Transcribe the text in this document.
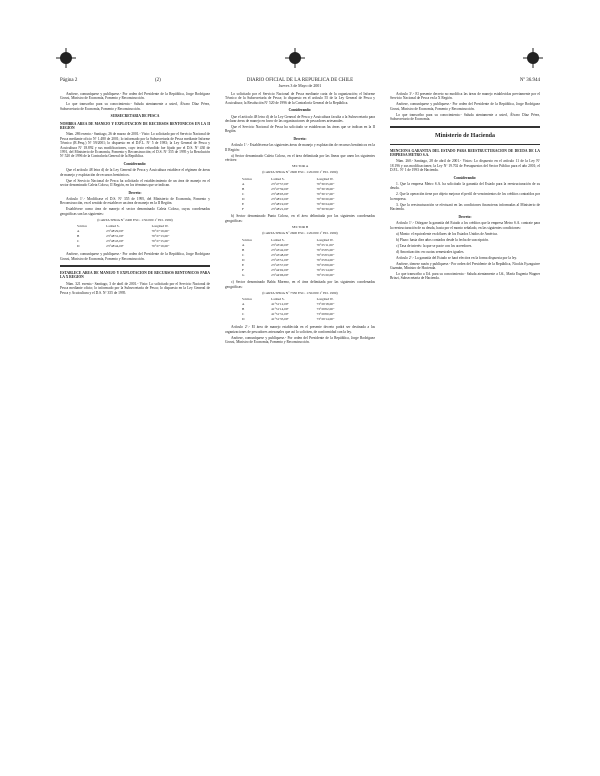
Página 2	(2)	DIARIO OFICIAL DE LA REPUBLICA DE CHILE
Jueves 3 de Mayo de 2001
Nº 36.944

Anótese, comuníquese y publíquese.- Por orden del Presidente de la República, Jorge Rodríguez Grossi, Ministro de Economía, Fomento y Reconstrucción.

Lo que transcribo para su conocimiento.- Saluda atentamente a usted, Álvaro Díaz Pérez, Subsecretario de Economía, Fomento y Reconstrucción.

SUBSECRETARIA DE PESCA

NOMBRA AREA DE MANEJO Y EXPLOTACION DE RECURSOS BENTONICOS EN LA II REGION

Núm. 286 exento.- Santiago, 26 de marzo de 2001.- Visto: Lo solicitado por el Servicio Nacional de Pesca mediante oficio Nº 1.480 de 2001; lo informado por la Subsecretaría de Pesca mediante Informe Técnico (R.Pesq.) Nº 59/2001; lo dispuesto en el D.F.L. Nº 5 de 1983; la Ley General de Pesca y Acuicultura Nº 18.892 y sus modificaciones, cuyo texto refundido fue fijado por el D.S. Nº 430 de 1991, del Ministerio de Economía, Fomento y Reconstrucción; el D.S. Nº 355 de 1995 y la Resolución Nº 520 de 1996 de la Contraloría General de la República.

Considerando:

Que el artículo 48 letra d) de la Ley General de Pesca y Acuicultura establece el régimen de áreas de manejo y explotación de recursos bentónicos.

Que el Servicio Nacional de Pesca ha solicitado el establecimiento de un área de manejo en el sector denominado Caleta Coloso, II Región, en los términos que se indican.

Decreto:

Artículo 1º.- Modifícase el D.S. Nº 355 de 1995, del Ministerio de Economía, Fomento y Reconstrucción, en el sentido de establecer un área de manejo en la II Región.

Establécese como área de manejo el sector denominado Caleta Coloso, cuyas coordenadas geográficas son las siguientes:

(CARTA SHOA Nº 2400 ESC. 1:50.000 1º ED. 1999)

Vértice	Latitud S.	Longitud W.
A	23°48'29,00"	70°27'19,00"
B	23°48'31,00"	70°27'13,00"
C	23°48'43,00"	70°27'15,00"
D	23°48'44,00"	70°27'19,00"

Anótese, comuníquese y publíquese.- Por orden del Presidente de la República, Jorge Rodríguez Grossi, Ministro de Economía, Fomento y Reconstrucción.

ESTABLECE AREA DE MANEJO Y EXPLOTACION DE RECURSOS BENTONICOS PARA LA X REGION

Núm. 321 exento.- Santiago, 3 de abril de 2001.- Visto: Lo solicitado por el Servicio Nacional de Pesca mediante oficio; lo informado por la Subsecretaría de Pesca; lo dispuesto en la Ley General de Pesca y Acuicultura y el D.S. Nº 355 de 1995.

Lo solicitado por el Servicio Nacional de Pesca mediante carta de la organización; el Informe Técnico de la Subsecretaría de Pesca; lo dispuesto en el artículo 55 de la Ley General de Pesca y Acuicultura; la Resolución Nº 520 de 1996 de la Contraloría General de la República.

Considerando:

Que el artículo 48 letra d) de la Ley General de Pesca y Acuicultura faculta a la Subsecretaría para declarar áreas de manejo en favor de las organizaciones de pescadores artesanales.

Que el Servicio Nacional de Pesca ha solicitado se establezcan las áreas que se indican en la II Región.

Decreto:

Artículo 1º.- Establécense las siguientes áreas de manejo y explotación de recursos bentónicos en la II Región:

a) Sector denominado Caleta Coloso, en el área delimitada por las líneas que unen los siguientes vértices:

SECTOR A

(CARTA SHOA Nº 2600 ESC. 1:20.000 1º ED. 1999)

Vértice	Latitud S.	Longitud W.
A	23°47'57,00"	70°30'25,00"
B	23°47'59,00"	70°30'18,00"
C	23°48'03,00"	70°30'17,00"
D	23°48'10,00"	70°30'20,00"
E	23°48'19,00"	70°30'24,00"
F	23°48'21,00"	70°30'30,00"

b) Sector denominado Punta Coloso, en el área delimitada por las siguientes coordenadas geográficas:

SECTOR B

(CARTA SHOA Nº 2600 ESC. 1:20.000 1º ED. 1999)

Vértice	Latitud S.	Longitud W.
A	23°43'40,00"	70°25'11,00"
B	23°43'42,00"	70°25'05,00"
C	23°43'48,00"	70°25'03,00"
D	23°43'51,00"	70°25'04,00"
E	23°43'57,00"	70°25'09,00"
F	23°44'02,00"	70°25'14,00"
G	23°44'06,00"	70°25'20,00"

c) Sector denominado Bahía Moreno, en el área delimitada por las siguientes coordenadas geográficas:

(CARTA SHOA Nº 7330 ESC. 1:50.000 1º ED. 1999)

Vértice	Latitud S.	Longitud W.
A	41°51'12,00"	73°29'18,00"
B	41°51'14,00"	73°29'02,00"
C	41°51'31,00"	73°29'00,00"
D	41°51'35,00"	73°29'14,00"

Artículo 2º.- El área de manejo establecida en el presente decreto podrá ser destinada a las organizaciones de pescadores artesanales que así lo soliciten, de conformidad con la ley.

Anótese, comuníquese y publíquese.- Por orden del Presidente de la República, Jorge Rodríguez Grossi, Ministro de Economía, Fomento y Reconstrucción.

Artículo 3º.- El presente decreto no modifica las áreas de manejo establecidas previamente por el Servicio Nacional de Pesca en la X Región.

Anótese, comuníquese y publíquese.- Por orden del Presidente de la República, Jorge Rodríguez Grossi, Ministro de Economía, Fomento y Reconstrucción.

Lo que transcribo para su conocimiento.- Saluda atentamente a usted, Álvaro Díaz Pérez, Subsecretario de Economía.

Ministerio de Hacienda

MENCIONA GARANTIA DEL ESTADO PARA REESTRUCTURACION DE DEUDA DE LA EMPRESA METRO S.A.

Núm. 260.- Santiago, 28 de abril de 2001.- Vistos: Lo dispuesto en el artículo 11 de la Ley Nº 18.196 y sus modificaciones; la Ley Nº 19.702 de Presupuestos del Sector Público para el año 2001; el D.F.L. Nº 1 de 1993 de Hacienda.

Considerando:

1. Que la empresa Metro S.A. ha solicitado la garantía del Estado para la reestructuración de su deuda.

2. Que la operación tiene por objeto mejorar el perfil de vencimientos de los créditos contraídos por la empresa.

3. Que la reestructuración se efectuará en las condiciones financieras informadas al Ministerio de Hacienda.

Decreto:

Artículo 1º.- Otórgase la garantía del Estado a los créditos que la empresa Metro S.A. contrate para la reestructuración de su deuda, hasta por el monto señalado, en las siguientes condiciones:

a) Monto: el equivalente en dólares de los Estados Unidos de América.

b) Plazo: hasta diez años contados desde la fecha de suscripción.

c) Tasa de interés: la que se pacte con los acreedores.

d) Amortización: en cuotas semestrales iguales.

Artículo 2º.- La garantía del Estado se hará efectiva en la forma dispuesta por la ley.

Anótese, tómese razón y publíquese.- Por orden del Presidente de la República, Nicolás Eyzaguirre Guzmán, Ministro de Hacienda.

Lo que transcribo a Ud. para su conocimiento.- Saluda atentamente a Ud., María Eugenia Wagner Brizzi, Subsecretaria de Hacienda.
